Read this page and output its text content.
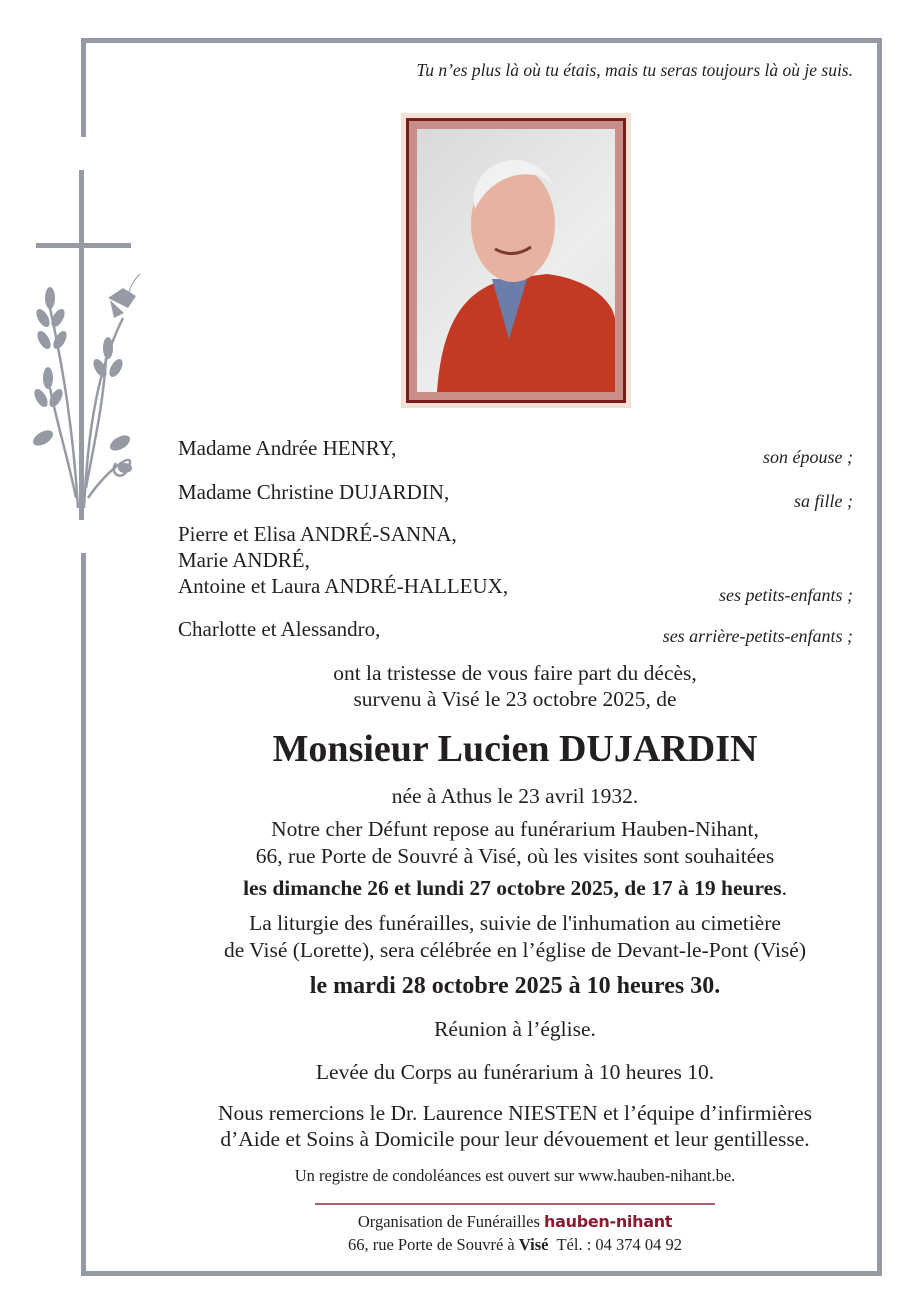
Tu n’es plus là où tu étais, mais tu seras toujours là où je suis.
Madame Andrée HENRY,	son épouse ;
Madame Christine DUJARDIN,	sa fille ;
Pierre et Elisa ANDRÉ-SANNA,
Marie ANDRÉ,
Antoine et Laura ANDRÉ-HALLEUX,	ses petits-enfants ;
Charlotte et Alessandro,	ses arrière-petits-enfants ;
ont la tristesse de vous faire part du décès,
survenu à Visé le 23 octobre 2025, de
Monsieur Lucien DUJARDIN
née à Athus le 23 avril 1932.
Notre cher Défunt repose au funérarium Hauben-Nihant,
66, rue Porte de Souvré à Visé, où les visites sont souhaitées
les dimanche 26 et lundi 27 octobre 2025, de 17 à 19 heures.
La liturgie des funérailles, suivie de l'inhumation au cimetière
de Visé (Lorette), sera célébrée en l’église de Devant-le-Pont (Visé)
le mardi 28 octobre 2025 à 10 heures 30.
Réunion à l’église.
Levée du Corps au funérarium à 10 heures 10.
Nous remercions le Dr. Laurence NIESTEN et l’équipe d’infirmières
d’Aide et Soins à Domicile pour leur dévouement et leur gentillesse.
Un registre de condoléances est ouvert sur www.hauben-nihant.be.
Organisation de Funérailles hauben-nihant
66, rue Porte de Souvré à Visé Tél. : 04 374 04 92
